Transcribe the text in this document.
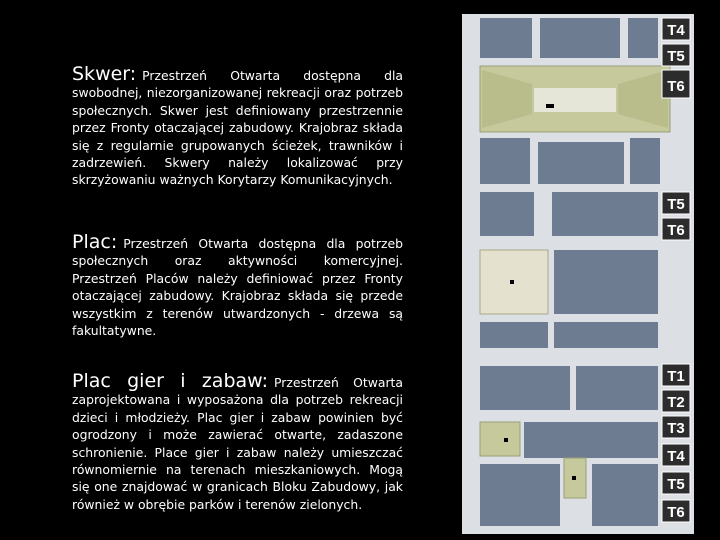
Skwer: Przestrzeń Otwarta dostępna dla swobodnej, niezorganizowanej rekreacji oraz potrzeb społecznych. Skwer jest definiowany przestrzennie przez Fronty otaczającej zabudowy. Krajobraz składa się z regularnie grupowanych ścieżek, trawników i zadrzewień. Skwery należy lokalizować przy skrzyżowaniu ważnych Korytarzy Komunikacyjnych.
Plac: Przestrzeń Otwarta dostępna dla potrzeb społecznych oraz aktywności komercyjnej. Przestrzeń Placów należy definiować przez Fronty otaczającej zabudowy. Krajobraz składa się przede wszystkim z terenów utwardzonych - drzewa są fakultatywne.
Plac gier i zabaw: Przestrzeń Otwarta zaprojektowana i wyposażona dla potrzeb rekreacji dzieci i młodzieży. Plac gier i zabaw powinien być ogrodzony i może zawierać otwarte, zadaszone schronienie. Place gier i zabaw należy umieszczać równomiernie na terenach mieszkaniowych. Mogą się one znajdować w granicach Bloku Zabudowy, jak również w obrębie parków i terenów zielonych.
T4
T5
T6
T5
T6
T1
T2
T3
T4
T5
T6
